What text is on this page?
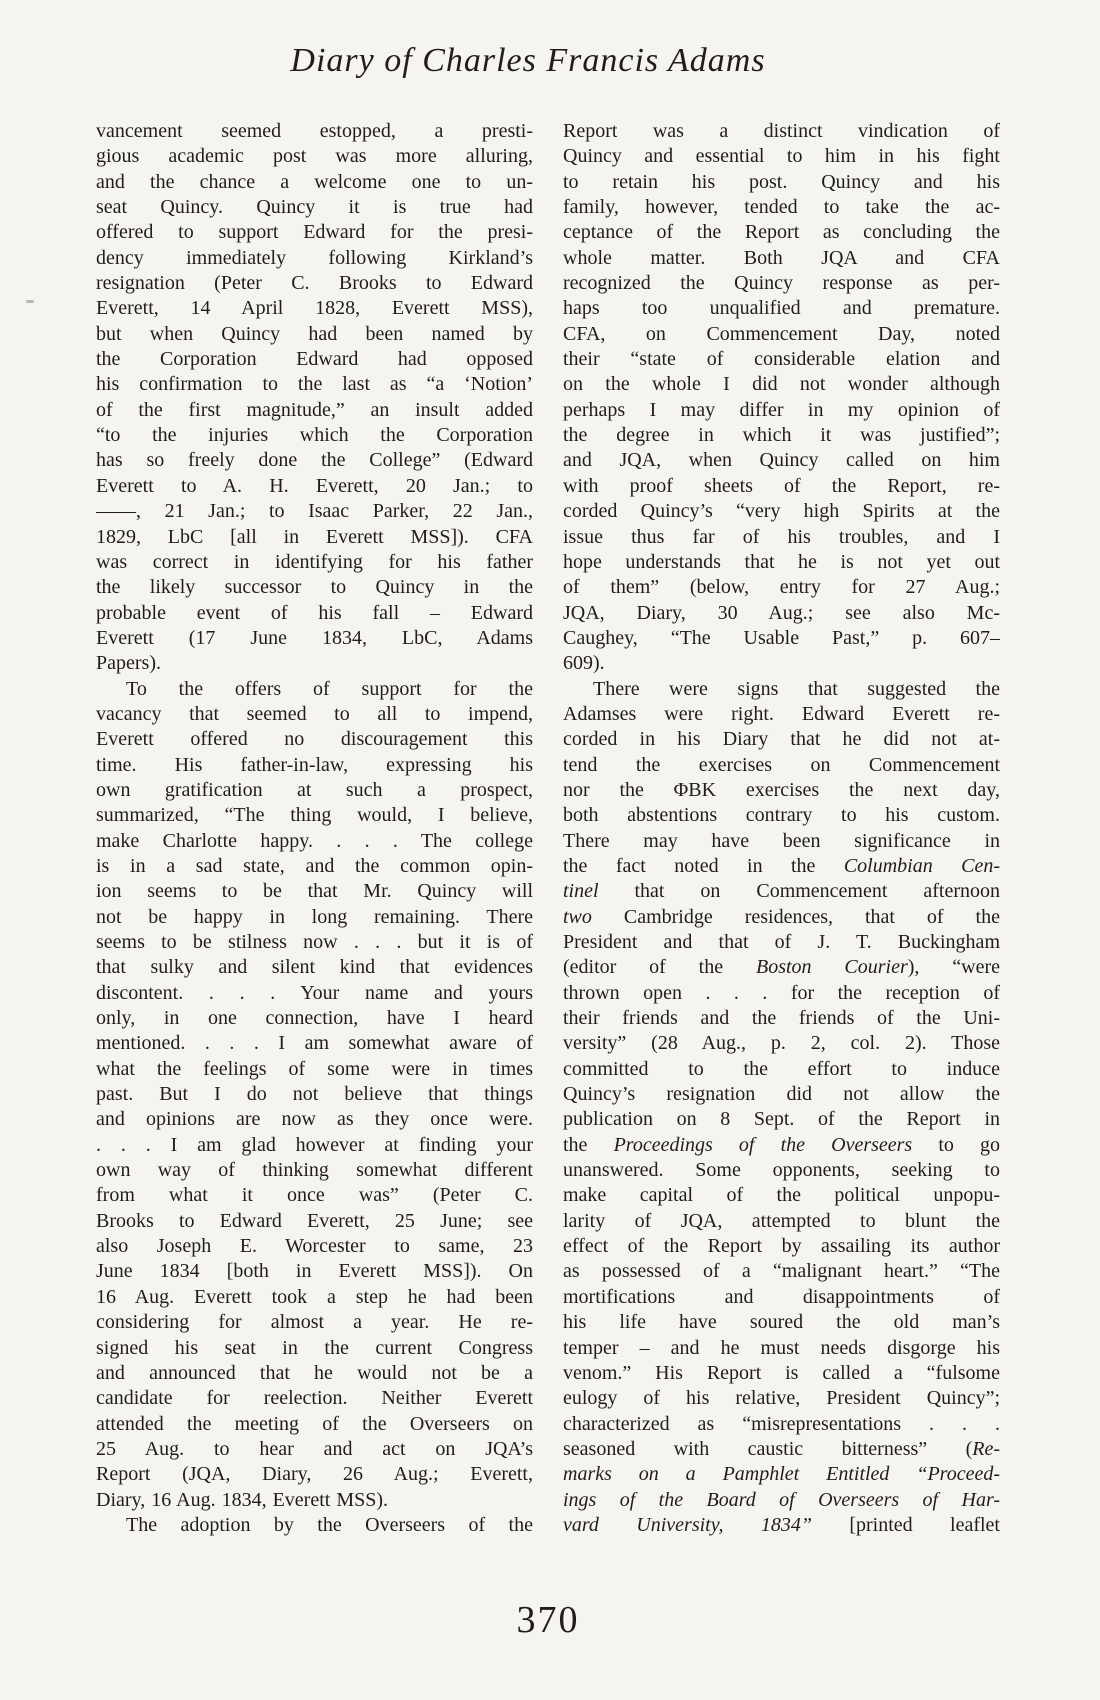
Diary of Charles Francis Adams
vancement seemed estopped, a presti-
gious academic post was more alluring,
and the chance a welcome one to un-
seat Quincy. Quincy it is true had
offered to support Edward for the presi-
dency immediately following Kirkland’s
resignation (Peter C. Brooks to Edward
Everett, 14 April 1828, Everett MSS),
but when Quincy had been named by
the Corporation Edward had opposed
his confirmation to the last as “a ‘Notion’
of the first magnitude,” an insult added
“to the injuries which the Corporation
has so freely done the College” (Edward
Everett to A. H. Everett, 20 Jan.; to
——, 21 Jan.; to Isaac Parker, 22 Jan.,
1829, LbC [all in Everett MSS]). CFA
was correct in identifying for his father
the likely successor to Quincy in the
probable event of his fall – Edward
Everett (17 June 1834, LbC, Adams
Papers).
To the offers of support for the
vacancy that seemed to all to impend,
Everett offered no discouragement this
time. His father-in-law, expressing his
own gratification at such a prospect,
summarized, “The thing would, I believe,
make Charlotte happy. . . . The college
is in a sad state, and the common opin-
ion seems to be that Mr. Quincy will
not be happy in long remaining. There
seems to be stilness now . . . but it is of
that sulky and silent kind that evidences
discontent. . . . Your name and yours
only, in one connection, have I heard
mentioned. . . . I am somewhat aware of
what the feelings of some were in times
past. But I do not believe that things
and opinions are now as they once were.
. . . I am glad however at finding your
own way of thinking somewhat different
from what it once was” (Peter C.
Brooks to Edward Everett, 25 June; see
also Joseph E. Worcester to same, 23
June 1834 [both in Everett MSS]). On
16 Aug. Everett took a step he had been
considering for almost a year. He re-
signed his seat in the current Congress
and announced that he would not be a
candidate for reelection. Neither Everett
attended the meeting of the Overseers on
25 Aug. to hear and act on JQA’s
Report (JQA, Diary, 26 Aug.; Everett,
Diary, 16 Aug. 1834, Everett MSS).
The adoption by the Overseers of the
Report was a distinct vindication of
Quincy and essential to him in his fight
to retain his post. Quincy and his
family, however, tended to take the ac-
ceptance of the Report as concluding the
whole matter. Both JQA and CFA
recognized the Quincy response as per-
haps too unqualified and premature.
CFA, on Commencement Day, noted
their “state of considerable elation and
on the whole I did not wonder although
perhaps I may differ in my opinion of
the degree in which it was justified”;
and JQA, when Quincy called on him
with proof sheets of the Report, re-
corded Quincy’s “very high Spirits at the
issue thus far of his troubles, and I
hope understands that he is not yet out
of them” (below, entry for 27 Aug.;
JQA, Diary, 30 Aug.; see also Mc-
Caughey, “The Usable Past,” p. 607–
609).
There were signs that suggested the
Adamses were right. Edward Everett re-
corded in his Diary that he did not at-
tend the exercises on Commencement
nor the ΦBK exercises the next day,
both abstentions contrary to his custom.
There may have been significance in
the fact noted in the Columbian Cen-
tinel that on Commencement afternoon
two Cambridge residences, that of the
President and that of J. T. Buckingham
(editor of the Boston Courier), “were
thrown open . . . for the reception of
their friends and the friends of the Uni-
versity” (28 Aug., p. 2, col. 2). Those
committed to the effort to induce
Quincy’s resignation did not allow the
publication on 8 Sept. of the Report in
the Proceedings of the Overseers to go
unanswered. Some opponents, seeking to
make capital of the political unpopu-
larity of JQA, attempted to blunt the
effect of the Report by assailing its author
as possessed of a “malignant heart.” “The
mortifications and disappointments of
his life have soured the old man’s
temper – and he must needs disgorge his
venom.” His Report is called a “fulsome
eulogy of his relative, President Quincy”;
characterized as “misrepresentations . . .
seasoned with caustic bitterness” (Re-
marks on a Pamphlet Entitled “Proceed-
ings of the Board of Overseers of Har-
vard University, 1834” [printed leaflet
370
